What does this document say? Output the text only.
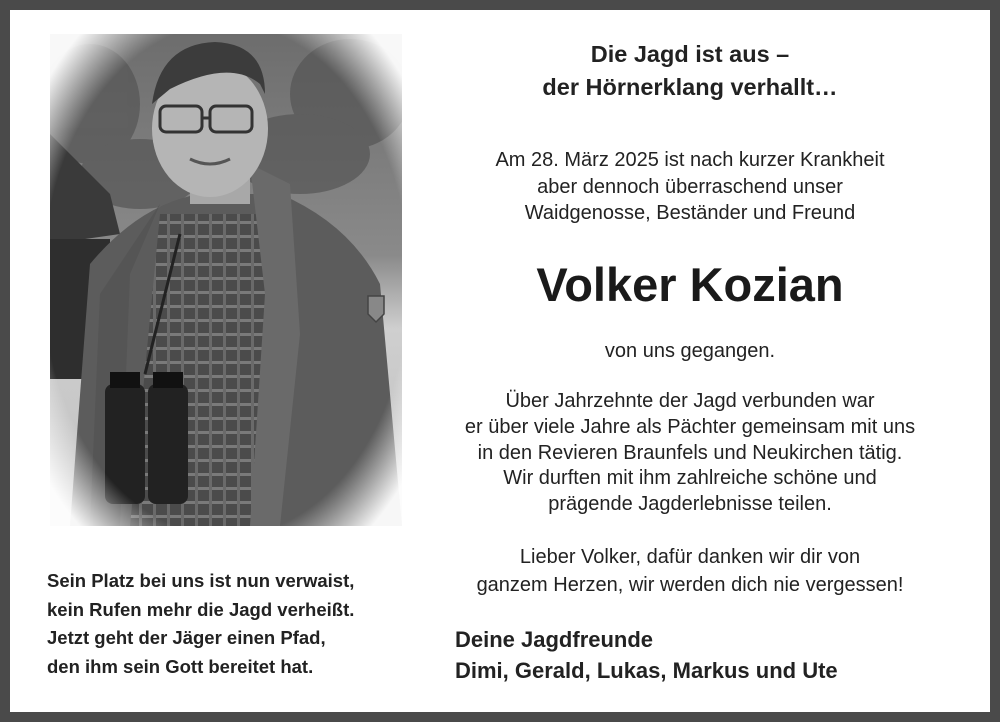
Die Jagd ist aus –
der Hörnerklang verhallt…
Am 28. März 2025 ist nach kurzer Krankheit
aber dennoch überraschend unser
Waidgenosse, Beständer und Freund
Volker Kozian
von uns gegangen.
Über Jahrzehnte der Jagd verbunden war
er über viele Jahre als Pächter gemeinsam mit uns
in den Revieren Braunfels und Neukirchen tätig.
Wir durften mit ihm zahlreiche schöne und
prägende Jagderlebnisse teilen.
Lieber Volker, dafür danken wir dir von
ganzem Herzen, wir werden dich nie vergessen!
Sein Platz bei uns ist nun verwaist,
kein Rufen mehr die Jagd verheißt.
Jetzt geht der Jäger einen Pfad,
den ihm sein Gott bereitet hat.
Deine Jagdfreunde
Dimi, Gerald, Lukas, Markus und Ute
